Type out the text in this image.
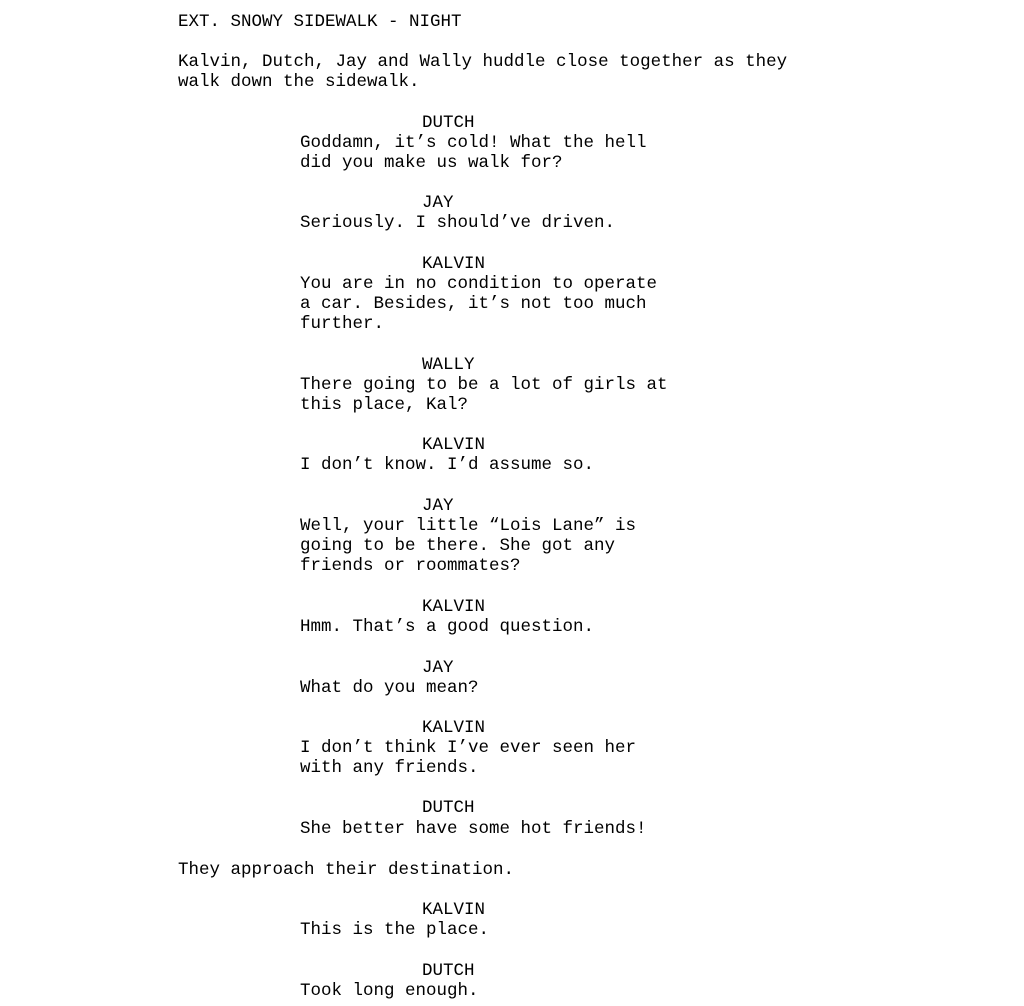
EXT. SNOWY SIDEWALK - NIGHT
Kalvin, Dutch, Jay and Wally huddle close together as they
walk down the sidewalk.
DUTCH
Goddamn, it’s cold! What the hell
did you make us walk for?
JAY
Seriously. I should’ve driven.
KALVIN
You are in no condition to operate
a car. Besides, it’s not too much
further.
WALLY
There going to be a lot of girls at
this place, Kal?
KALVIN
I don’t know. I’d assume so.
JAY
Well, your little “Lois Lane” is
going to be there. She got any
friends or roommates?
KALVIN
Hmm. That’s a good question.
JAY
What do you mean?
KALVIN
I don’t think I’ve ever seen her
with any friends.
DUTCH
She better have some hot friends!
They approach their destination.
KALVIN
This is the place.
DUTCH
Took long enough.
